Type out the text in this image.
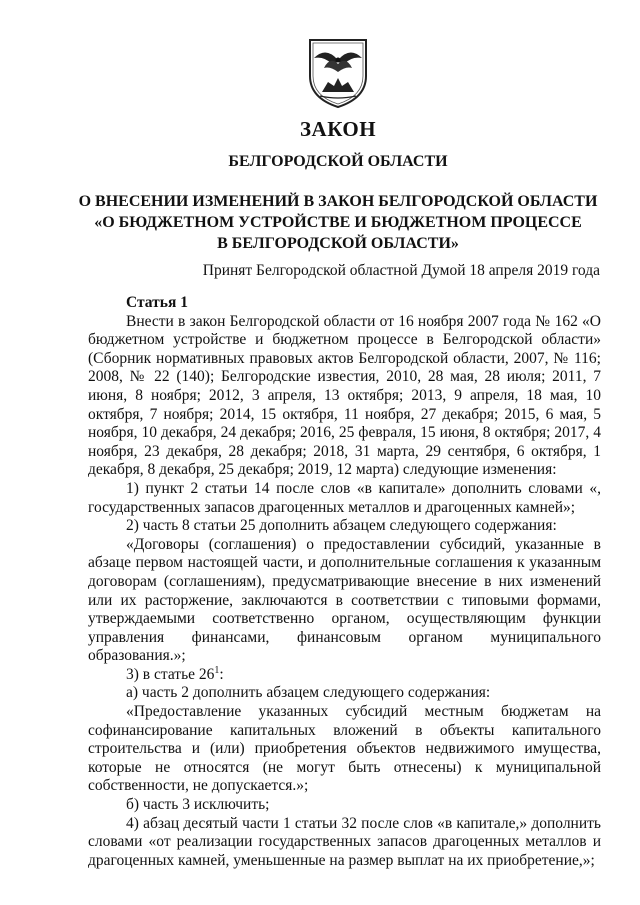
ЗАКОН
БЕЛГОРОДСКОЙ ОБЛАСТИ
О ВНЕСЕНИИ ИЗМЕНЕНИЙ В ЗАКОН БЕЛГОРОДСКОЙ ОБЛАСТИ
«О БЮДЖЕТНОМ УСТРОЙСТВЕ И БЮДЖЕТНОМ ПРОЦЕССЕ
В БЕЛГОРОДСКОЙ ОБЛАСТИ»
Принят Белгородской областной Думой 18 апреля 2019 года

Статья 1

Внести в закон Белгородской области от 16 ноября 2007 года № 162 «О бюджетном устройстве и бюджетном процессе в Белгородской области» (Сборник нормативных правовых актов Белгородской области, 2007, № 116; 2008, № 22 (140); Белгородские известия, 2010, 28 мая, 28 июля; 2011, 7 июня, 8 ноября; 2012, 3 апреля, 13 октября; 2013, 9 апреля, 18 мая, 10 октября, 7 ноября; 2014, 15 октября, 11 ноября, 27 декабря; 2015, 6 мая, 5 ноября, 10 декабря, 24 декабря; 2016, 25 февраля, 15 июня, 8 октября; 2017, 4 ноября, 23 декабря, 28 декабря; 2018, 31 марта, 29 сентября, 6 октября, 1 декабря, 8 декабря, 25 декабря; 2019, 12 марта) следующие изменения:

1) пункт 2 статьи 14 после слов «в капитале» дополнить словами «, государственных запасов драгоценных металлов и драгоценных камней»;

2) часть 8 статьи 25 дополнить абзацем следующего содержания:

«Договоры (соглашения) о предоставлении субсидий, указанные в абзаце первом настоящей части, и дополнительные соглашения к указанным договорам (соглашениям), предусматривающие внесение в них изменений или их расторжение, заключаются в соответствии с типовыми формами, утверждаемыми соответственно органом, осуществляющим функции управления финансами, финансовым органом муниципального образования.»;

3) в статье $26^1$:

а) часть 2 дополнить абзацем следующего содержания:

«Предоставление указанных субсидий местным бюджетам на софинансирование капитальных вложений в объекты капитального строительства и (или) приобретения объектов недвижимого имущества, которые не относятся (не могут быть отнесены) к муниципальной собственности, не допускается.»;

б) часть 3 исключить;

4) абзац десятый части 1 статьи 32 после слов «в капитале,» дополнить словами «от реализации государственных запасов драгоценных металлов и драгоценных камней, уменьшенные на размер выплат на их приобретение,»;
